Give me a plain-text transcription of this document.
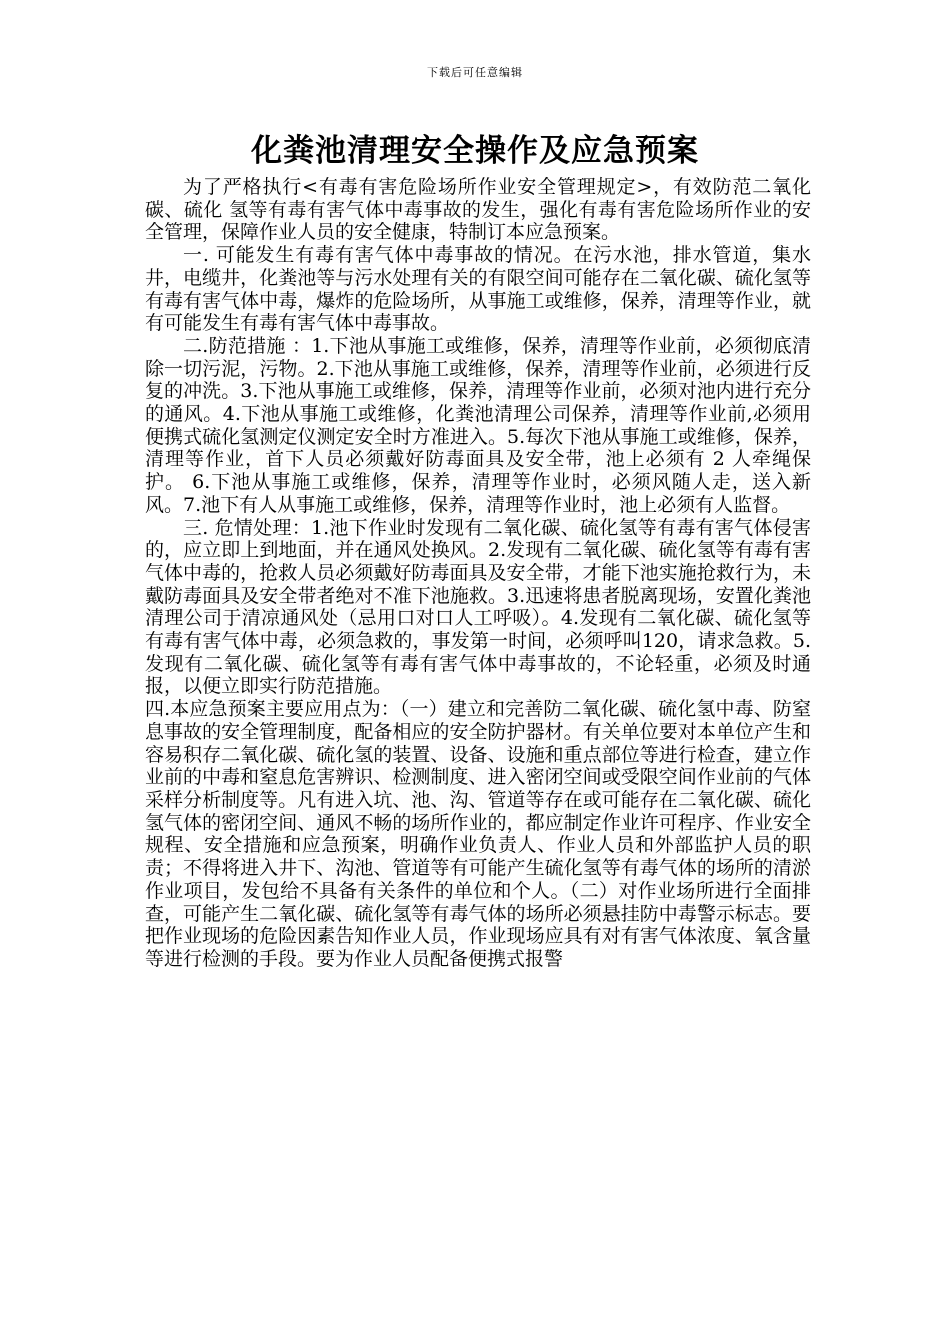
下载后可任意编辑
化粪池清理安全操作及应急预案

为了严格执行<有毒有害危险场所作业安全管理规定>，有效防范二氧化碳、硫化 氢等有毒有害气体中毒事故的发生，强化有毒有害危险场所作业的安全管理，保障作业人员的安全健康，特制订本应急预案。

一. 可能发生有毒有害气体中毒事故的情况。在污水池，排水管道，集水井，电缆井，化粪池等与污水处理有关的有限空间可能存在二氧化碳、硫化氢等有毒有害气体中毒，爆炸的危险场所，从事施工或维修，保养，清理等作业，就有可能发生有毒有害气体中毒事故。

二.防范措施 ：1.下池从事施工或维修，保养，清理等作业前，必须彻底清除一切污泥，污物。2.下池从事施工或维修，保养，清理等作业前，必须进行反复的冲洗。3.下池从事施工或维修，保养，清理等作业前，必须对池内进行充分的通风。4.下池从事施工或维修，化粪池清理公司保养，清理等作业前,必须用便携式硫化氢测定仪测定安全时方准进入。5.每次下池从事施工或维修，保养，清理等作业，首下人员必须戴好防毒面具及安全带，池上必须有 2 人牵绳保护。 6.下池从事施工或维修，保养，清理等作业时，必须风随人走，送入新风。7.池下有人从事施工或维修，保养，清理等作业时，池上必须有人监督。

三. 危情处理：1.池下作业时发现有二氧化碳、硫化氢等有毒有害气体侵害的，应立即上到地面，并在通风处换风。2.发现有二氧化碳、硫化氢等有毒有害气体中毒的，抢救人员必须戴好防毒面具及安全带，才能下池实施抢救行为，未戴防毒面具及安全带者绝对不准下池施救。3.迅速将患者脱离现场，安置化粪池清理公司于清凉通风处（忌用口对口人工呼吸）。4.发现有二氧化碳、硫化氢等有毒有害气体中毒，必须急救的，事发第一时间，必须呼叫120，请求急救。5.发现有二氧化碳、硫化氢等有毒有害气体中毒事故的，不论轻重，必须及时通报，以便立即实行防范措施。

四.本应急预案主要应用点为：（一）建立和完善防二氧化碳、硫化氢中毒、防窒息事故的安全管理制度，配备相应的安全防护器材。有关单位要对本单位产生和容易积存二氧化碳、硫化氢的装置、设备、设施和重点部位等进行检查，建立作业前的中毒和窒息危害辨识、检测制度、进入密闭空间或受限空间作业前的气体采样分析制度等。凡有进入坑、池、沟、管道等存在或可能存在二氧化碳、硫化氢气体的密闭空间、通风不畅的场所作业的，都应制定作业许可程序、作业安全规程、安全措施和应急预案，明确作业负责人、作业人员和外部监护人员的职责；不得将进入井下、沟池、管道等有可能产生硫化氢等有毒气体的场所的清淤作业项目，发包给不具备有关条件的单位和个人。（二）对作业场所进行全面排查，可能产生二氧化碳、硫化氢等有毒气体的场所必须悬挂防中毒警示标志。要把作业现场的危险因素告知作业人员，作业现场应具有对有害气体浓度、氧含量等进行检测的手段。要为作业人员配备便携式报警
